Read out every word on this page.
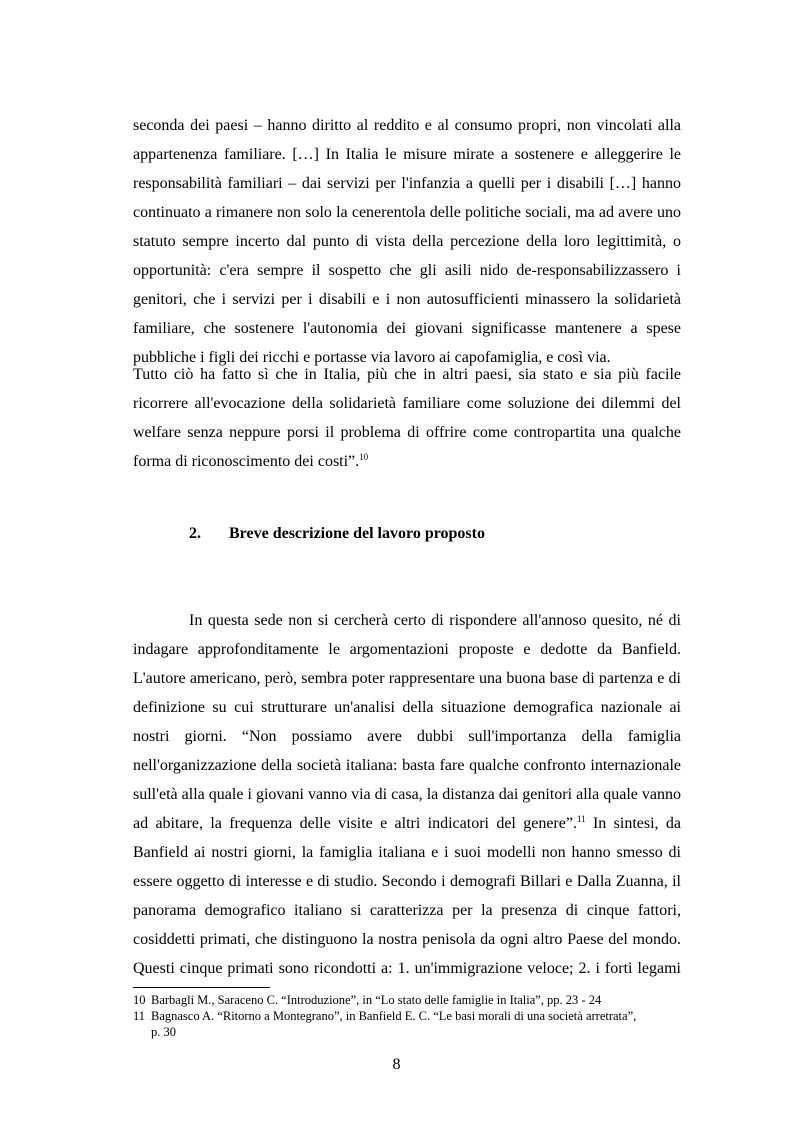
seconda dei paesi – hanno diritto al reddito e al consumo propri, non vincolati alla
appartenenza familiare. […] In Italia le misure mirate a sostenere e alleggerire le
responsabilità familiari – dai servizi per l'infanzia a quelli per i disabili […] hanno
continuato a rimanere non solo la cenerentola delle politiche sociali, ma ad avere uno
statuto sempre incerto dal punto di vista della percezione della loro legittimità, o
opportunità: c'era sempre il sospetto che gli asili nido de-responsabilizzassero i
genitori, che i servizi per i disabili e i non autosufficienti minassero la solidarietà
familiare, che sostenere l'autonomia dei giovani significasse mantenere a spese
pubbliche i figli dei ricchi e portasse via lavoro ai capofamiglia, e così via.
Tutto ciò ha fatto sì che in Italia, più che in altri paesi, sia stato e sia più facile
ricorrere all'evocazione della solidarietà familiare come soluzione dei dilemmi del
welfare senza neppure porsi il problema di offrire come contropartita una qualche
forma di riconoscimento dei costi”.$^{10}$
2. Breve descrizione del lavoro proposto
In questa sede non si cercherà certo di rispondere all'annoso quesito, né di
indagare approfonditamente le argomentazioni proposte e dedotte da Banfield.
L'autore americano, però, sembra poter rappresentare una buona base di partenza e di
definizione su cui strutturare un'analisi della situazione demografica nazionale ai
nostri giorni. “Non possiamo avere dubbi sull'importanza della famiglia
nell'organizzazione della società italiana: basta fare qualche confronto internazionale
sull'età alla quale i giovani vanno via di casa, la distanza dai genitori alla quale vanno
ad abitare, la frequenza delle visite e altri indicatori del genere”.$^{11}$ In sintesi, da
Banfield ai nostri giorni, la famiglia italiana e i suoi modelli non hanno smesso di
essere oggetto di interesse e di studio. Secondo i demografi Billari e Dalla Zuanna, il
panorama demografico italiano si caratterizza per la presenza di cinque fattori,
cosiddetti primati, che distinguono la nostra penisola da ogni altro Paese del mondo.
Questi cinque primati sono ricondotti a: 1. un'immigrazione veloce; 2. i forti legami
10 Barbagli M., Saraceno C. “Introduzione”, in “Lo stato delle famiglie in Italia”, pp. 23 - 24
11 Bagnasco A. “Ritorno a Montegrano”, in Banfield E. C. “Le basi morali di una società arretrata”,
p. 30
8
